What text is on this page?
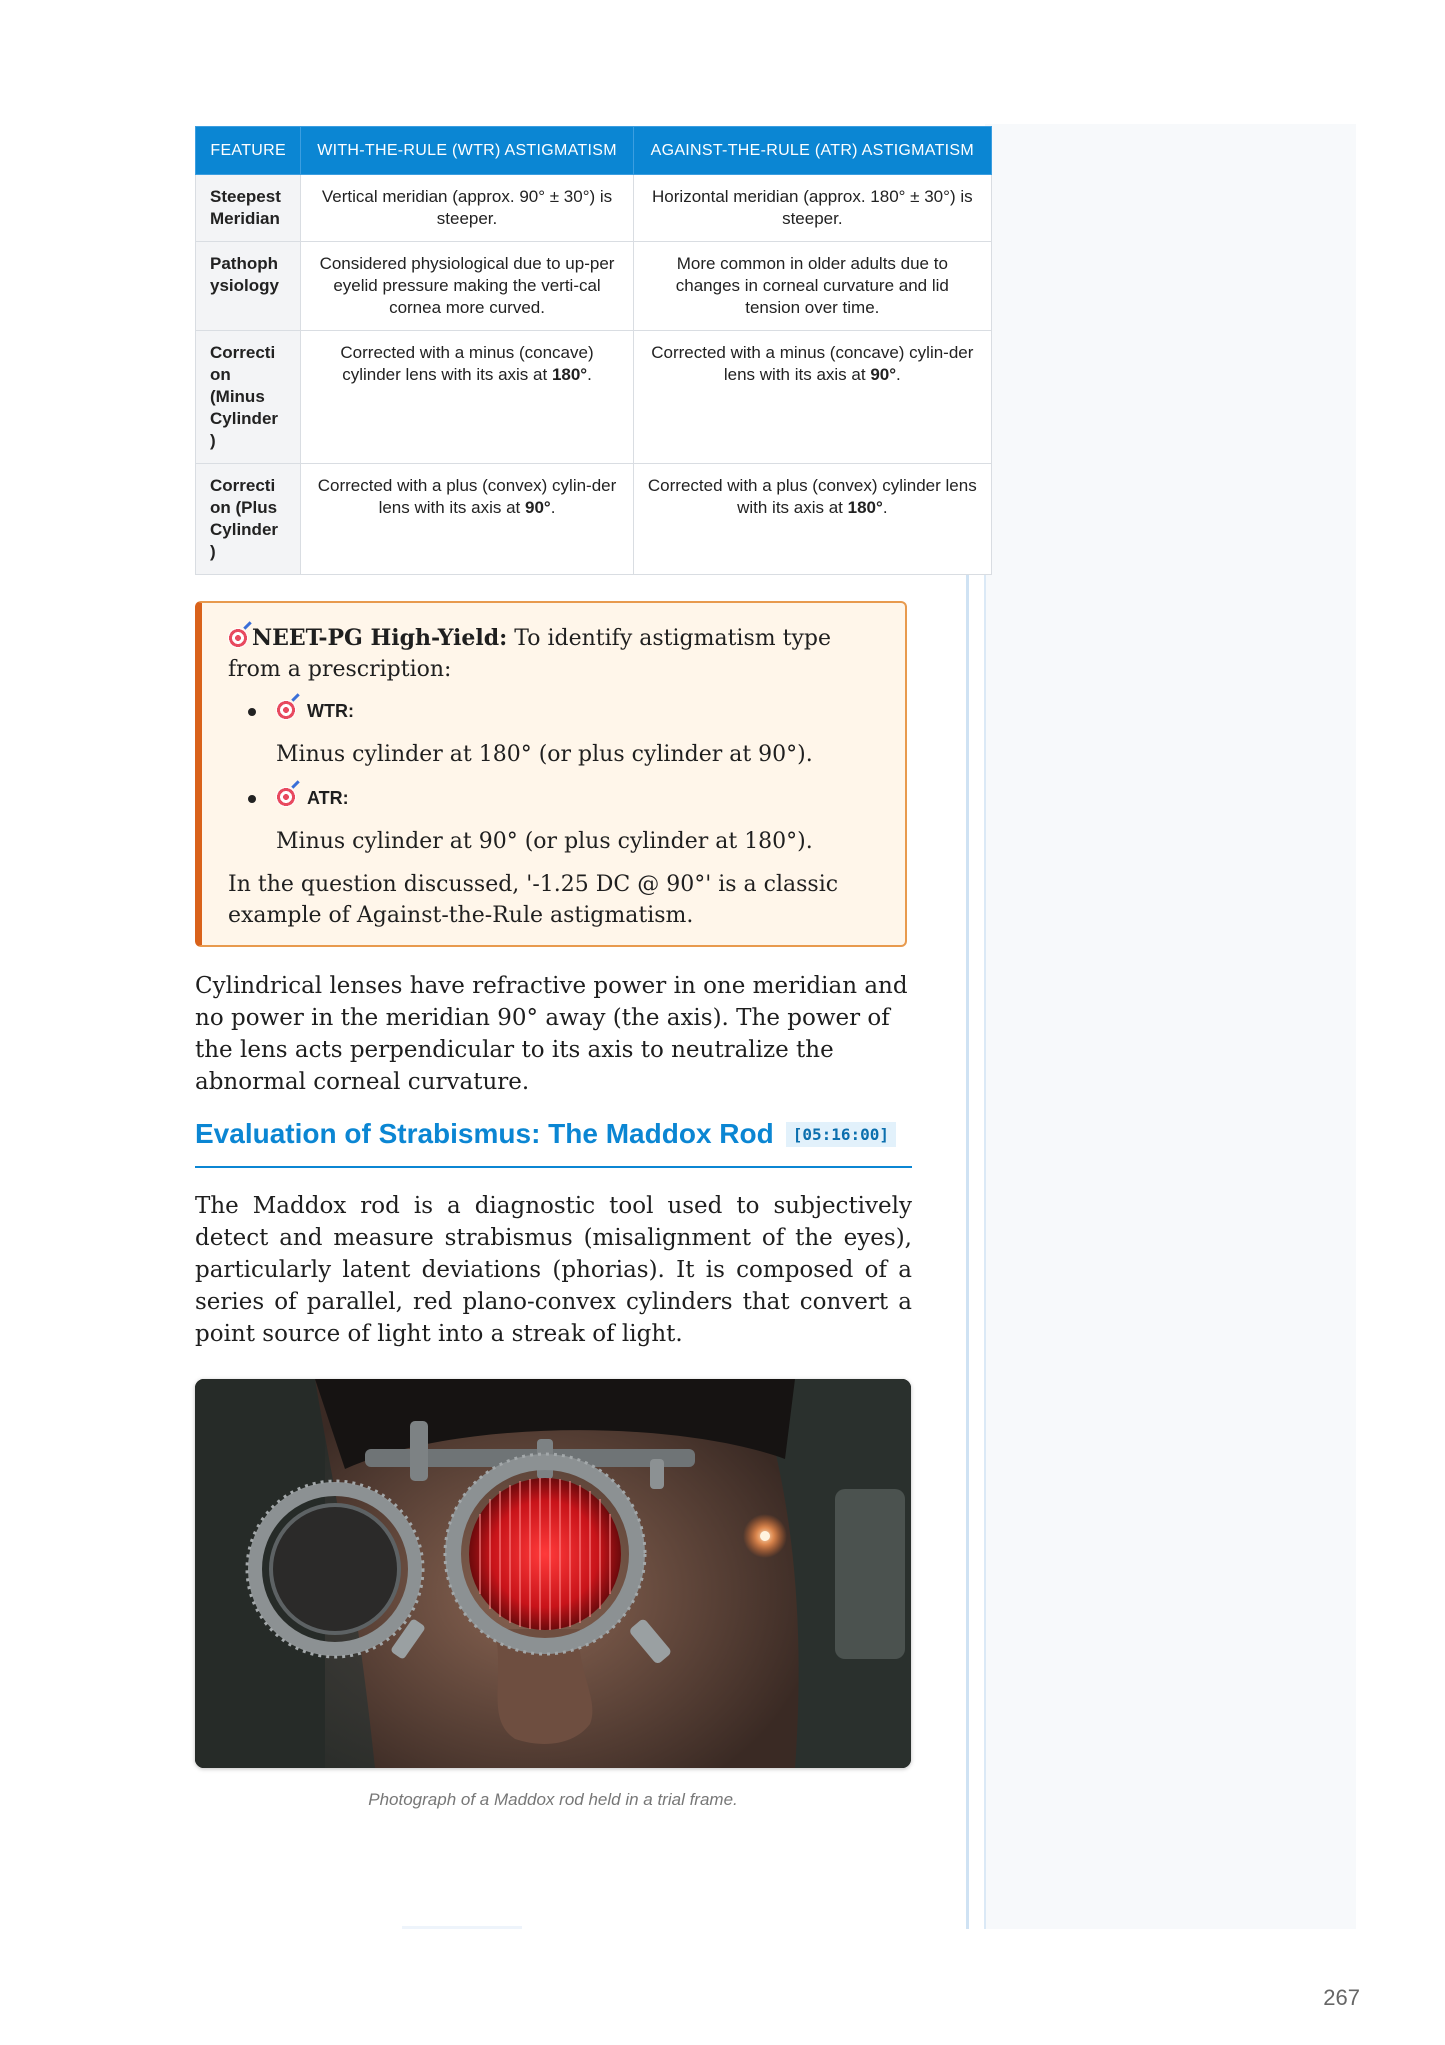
FEATURE	WITH-THE-RULE (WTR) ASTIGMATISM	AGAINST-THE-RULE (ATR) ASTIGMATISM
Steepest Meridian	Vertical meridian (approx. 90° ± 30°) is steeper.	Horizontal meridian (approx. 180° ± 30°) is steeper.
Pathoph ysiology	Considered physiological due to up-per eyelid pressure making the verti-cal cornea more curved.	More common in older adults due to changes in corneal curvature and lid tension over time.
Correcti on (Minus Cylinder )	Corrected with a minus (concave) cylinder lens with its axis at 180°.	Corrected with a minus (concave) cylin-der lens with its axis at 90°.
Correcti on (Plus Cylinder )	Corrected with a plus (convex) cylin-der lens with its axis at 90°.	Corrected with a plus (convex) cylinder lens with its axis at 180°.
NEET-PG High-Yield: To identify astigmatism type from a prescription:
WTR:
Minus cylinder at 180° (or plus cylinder at 90°).
ATR:
Minus cylinder at 90° (or plus cylinder at 180°).
In the question discussed, '-1.25 DC @ 90°' is a classic example of Against-the-Rule astigmatism.

Cylindrical lenses have refractive power in one meridian and no power in the meridian 90° away (the axis). The power of the lens acts perpendicular to its axis to neutralize the abnormal corneal curvature.

Evaluation of Strabismus: The Maddox Rod [05:16:00]

The Maddox rod is a diagnostic tool used to subjectively detect and measure strabismus (misalignment of the eyes), particularly latent deviations (phorias). It is composed of a series of parallel, red plano-convex cylinders that convert a point source of light into a streak of light.

Photograph of a Maddox rod held in a trial frame.
267
